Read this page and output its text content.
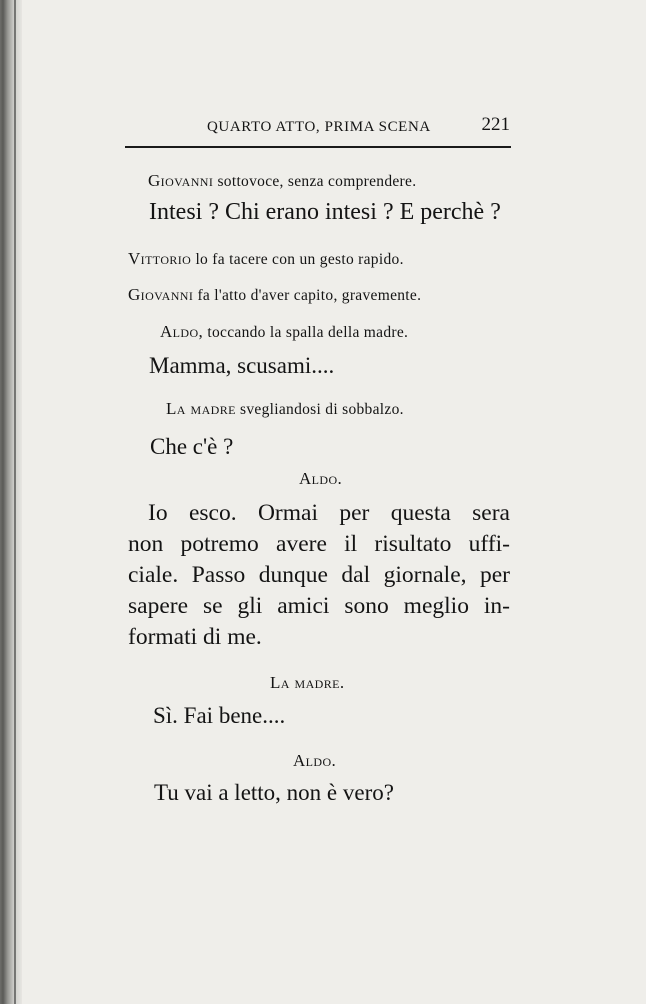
QUARTO ATTO, PRIMA SCENA	221
Giovanni sottovoce, senza comprendere.
Intesi ? Chi erano intesi ? E perchè ?
Vittorio lo fa tacere con un gesto rapido.
Giovanni fa l'atto d'aver capito, gravemente.
Aldo, toccando la spalla della madre.
Mamma, scusami....
La madre svegliandosi di sobbalzo.
Che c'è ?
Aldo.
Io esco. Ormai per questa sera
non potremo avere il risultato uffi-
ciale. Passo dunque dal giornale, per
sapere se gli amici sono meglio in-
formati di me.
La madre.
Sì. Fai bene....
Aldo.
Tu vai a letto, non è vero?
